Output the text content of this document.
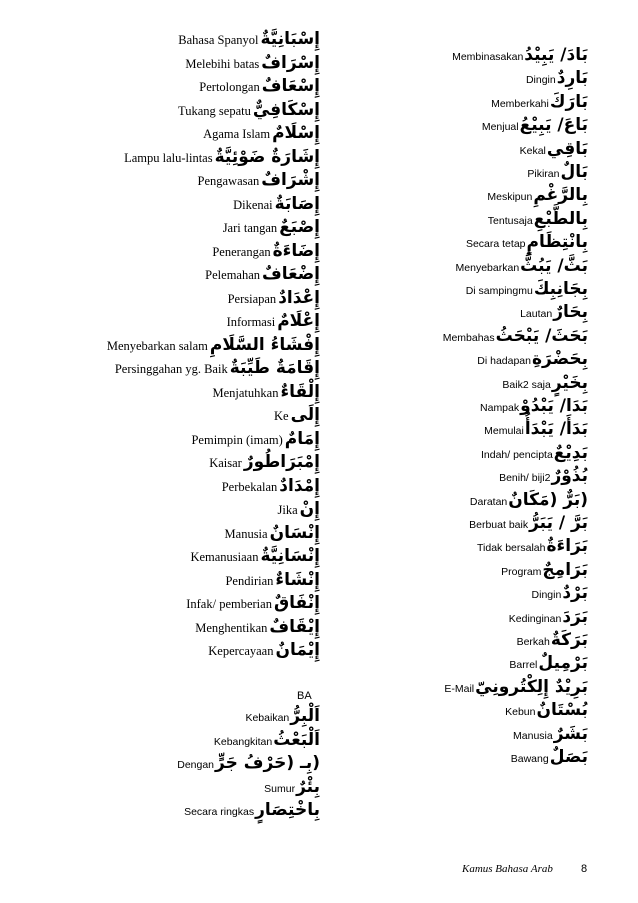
Bahasa Spanyol إِسْبَانِيَّةٌ
Melebihi batas إِسْرَافٌ
Pertolongan إِسْعَافٌ
Tukang sepatu إِسْكَافِيٌّ
Agama Islam إِسْلَامٌ
Lampu lalu-lintas إِشَارَةٌ ضَوْئِيَّةٌ
Pengawasan إِشْرَافٌ
Dikenai إِصَابَةٌ
Jari tangan إِصْبَعٌ
Penerangan إِضَاءَةٌ
Pelemahan إِضْعَافٌ
Persiapan إِعْدَادٌ
Informasi إِعْلَامٌ
Menyebarkan salam إِفْشَاءُ السَّلَامِ
Persinggahan yg. Baik إِقَامَةٌ طَيِّبَةٌ
Menjatuhkan إِلْقَاءٌ
Ke إِلَى
Pemimpin (imam) إِمَامٌ
Kaisar إِمْبَرَاطُورٌ
Perbekalan إِمْدَادٌ
Jika إِنْ
Manusia إِنْسَانٌ
Kemanusiaan إِنْسَانِيَّةٌ
Pendirian إِنْشَاءٌ
Infak/ pemberian إِنْفَاقٌ
Menghentikan إِيْقَافٌ
Kepercayaan إِيْمَانٌ
Kebaikan اَلْبِرُّ
Kebangkitan اَلْبَعْثُ
Dengan (بِـ (حَرْفُ جَرٍّ
Sumur بِئْرٌ
Secara ringkas بِاخْتِصَارٍ
BA
Membinasakan بَادَ/ يَبِيْدُ
Dingin بَارِدٌ
Memberkahi بَارَكَ
Menjual بَاعَ/ يَبِيْعُ
Kekal بَاقِي
Pikiran بَالٌ
Meskipun بِالرَّغْمِ
Tentusaja بِالطَّبْعِ
Secara tetap بِانْتِظَامٍ
Menyebarkan بَثَّ/ يَبُثُّ
Di sampingmu بِجَانِبِكَ
Lautan بِحَارٌ
Membahas بَحَثَ/ يَبْحَثُ
Di hadapan بِحَضْرَةِ
Baik2 saja بِخَيْرٍ
Nampak بَدَا/ يَبْدُوْ
Memulai بَدَأَ/ يَبْدَأُ
Indah/ pencipta بَدِيْعٌ
Benih/ biji2 بُذُوْرٌ
Daratan (بَرٌّ (مَكَانٌ
Berbuat baik بَرَّ / يَبَرُّ
Tidak bersalah بَرَاءَةٌ
Program بَرَامِجٌ
Dingin بَرْدٌ
Kedinginan بَرَدَ
Berkah بَرَكَةٌ
Barrel بَرْمِيلٌ
E-Mail بَرِيْدٌ إِلِكْتُرونِيّ
Kebun بُسْتَانٌ
Manusia بَشَرٌ
Bawang بَصَلٌ
Kamus Bahasa Arab	8
